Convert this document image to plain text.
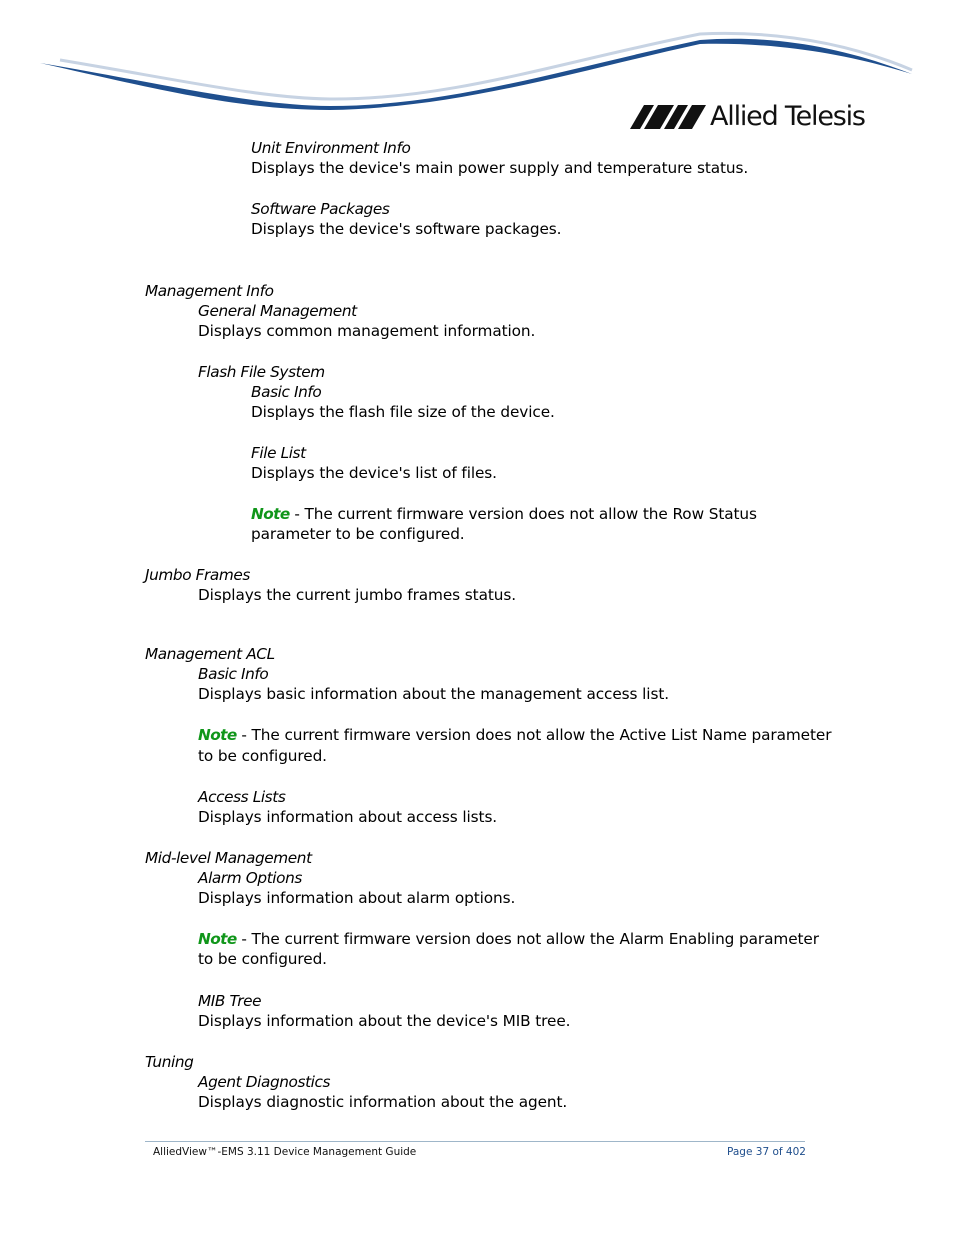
Allied Telesis
Unit Environment Info
Displays the device's main power supply and temperature status.
Software Packages
Displays the device's software packages.
Management Info
General Management
Displays common management information.
Flash File System
Basic Info
Displays the flash file size of the device.
File List
Displays the device's list of files.
Note - The current firmware version does not allow the Row Status
parameter to be configured.
Jumbo Frames
Displays the current jumbo frames status.
Management ACL
Basic Info
Displays basic information about the management access list.
Note - The current firmware version does not allow the Active List Name parameter
to be configured.
Access Lists
Displays information about access lists.
Mid-level Management
Alarm Options
Displays information about alarm options.
Note - The current firmware version does not allow the Alarm Enabling parameter
to be configured.
MIB Tree
Displays information about the device's MIB tree.
Tuning
Agent Diagnostics
Displays diagnostic information about the agent.
AlliedView™-EMS 3.11 Device Management Guide	Page 37 of 402
